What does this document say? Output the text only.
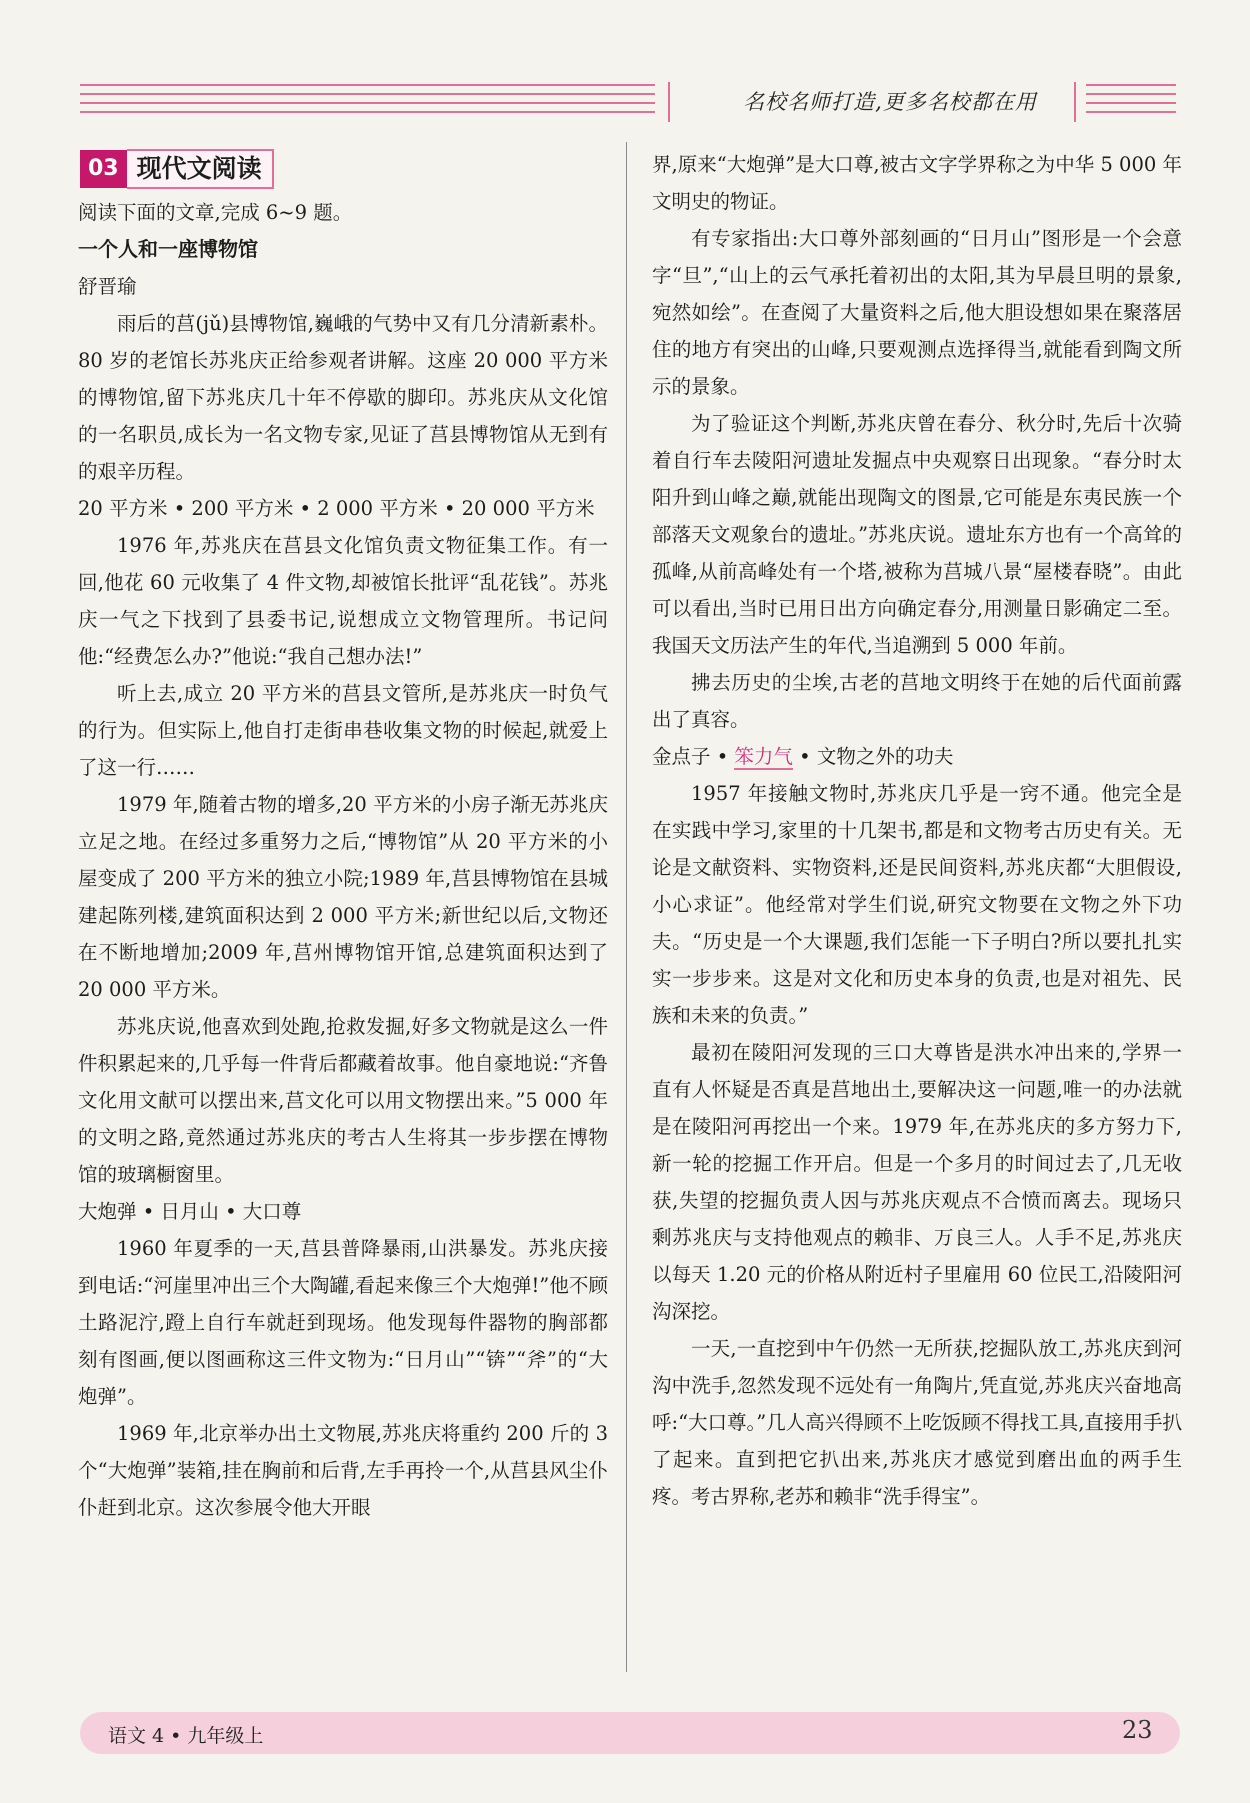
名校名师打造,更多名校都在用
03 现代文阅读

阅读下面的文章,完成 6~9 题。

一个人和一座博物馆

舒晋瑜

雨后的莒(jǔ)县博物馆,巍峨的气势中又有几分清新素朴。80 岁的老馆长苏兆庆正给参观者讲解。这座 20 000 平方米的博物馆,留下苏兆庆几十年不停歇的脚印。苏兆庆从文化馆的一名职员,成长为一名文物专家,见证了莒县博物馆从无到有的艰辛历程。

20 平方米 • 200 平方米 • 2 000 平方米 • 20 000 平方米

1976 年,苏兆庆在莒县文化馆负责文物征集工作。有一回,他花 60 元收集了 4 件文物,却被馆长批评“乱花钱”。苏兆庆一气之下找到了县委书记,说想成立文物管理所。书记问他:“经费怎么办?”他说:“我自己想办法!”

听上去,成立 20 平方米的莒县文管所,是苏兆庆一时负气的行为。但实际上,他自打走街串巷收集文物的时候起,就爱上了这一行……

1979 年,随着古物的增多,20 平方米的小房子渐无苏兆庆立足之地。在经过多重努力之后,“博物馆”从 20 平方米的小屋变成了 200 平方米的独立小院;1989 年,莒县博物馆在县城建起陈列楼,建筑面积达到 2 000 平方米;新世纪以后,文物还在不断地增加;2009 年,莒州博物馆开馆,总建筑面积达到了 20 000 平方米。

苏兆庆说,他喜欢到处跑,抢救发掘,好多文物就是这么一件件积累起来的,几乎每一件背后都藏着故事。他自豪地说:“齐鲁文化用文献可以摆出来,莒文化可以用文物摆出来。”5 000 年的文明之路,竟然通过苏兆庆的考古人生将其一步步摆在博物馆的玻璃橱窗里。

大炮弹 • 日月山 • 大口尊

1960 年夏季的一天,莒县普降暴雨,山洪暴发。苏兆庆接到电话:“河崖里冲出三个大陶罐,看起来像三个大炮弹!”他不顾土路泥泞,蹬上自行车就赶到现场。他发现每件器物的胸部都刻有图画,便以图画称这三件文物为:“日月山”“锛”“斧”的“大炮弹”。

1969 年,北京举办出土文物展,苏兆庆将重约 200 斤的 3 个“大炮弹”装箱,挂在胸前和后背,左手再拎一个,从莒县风尘仆仆赶到北京。这次参展令他大开眼

界,原来“大炮弹”是大口尊,被古文字学界称之为中华 5 000 年文明史的物证。

有专家指出:大口尊外部刻画的“日月山”图形是一个会意字“旦”,“山上的云气承托着初出的太阳,其为早晨旦明的景象,宛然如绘”。在查阅了大量资料之后,他大胆设想如果在聚落居住的地方有突出的山峰,只要观测点选择得当,就能看到陶文所示的景象。

为了验证这个判断,苏兆庆曾在春分、秋分时,先后十次骑着自行车去陵阳河遗址发掘点中央观察日出现象。“春分时太阳升到山峰之巅,就能出现陶文的图景,它可能是东夷民族一个部落天文观象台的遗址。”苏兆庆说。遗址东方也有一个高耸的孤峰,从前高峰处有一个塔,被称为莒城八景“屋楼春晓”。由此可以看出,当时已用日出方向确定春分,用测量日影确定二至。我国天文历法产生的年代,当追溯到 5 000 年前。

拂去历史的尘埃,古老的莒地文明终于在她的后代面前露出了真容。

金点子 • 笨力气 • 文物之外的功夫

1957 年接触文物时,苏兆庆几乎是一窍不通。他完全是在实践中学习,家里的十几架书,都是和文物考古历史有关。无论是文献资料、实物资料,还是民间资料,苏兆庆都“大胆假设,小心求证”。他经常对学生们说,研究文物要在文物之外下功夫。“历史是一个大课题,我们怎能一下子明白?所以要扎扎实实一步步来。这是对文化和历史本身的负责,也是对祖先、民族和未来的负责。”

最初在陵阳河发现的三口大尊皆是洪水冲出来的,学界一直有人怀疑是否真是莒地出土,要解决这一问题,唯一的办法就是在陵阳河再挖出一个来。1979 年,在苏兆庆的多方努力下,新一轮的挖掘工作开启。但是一个多月的时间过去了,几无收获,失望的挖掘负责人因与苏兆庆观点不合愤而离去。现场只剩苏兆庆与支持他观点的赖非、万良三人。人手不足,苏兆庆以每天 1.20 元的价格从附近村子里雇用 60 位民工,沿陵阳河沟深挖。

一天,一直挖到中午仍然一无所获,挖掘队放工,苏兆庆到河沟中洗手,忽然发现不远处有一角陶片,凭直觉,苏兆庆兴奋地高呼:“大口尊。”几人高兴得顾不上吃饭顾不得找工具,直接用手扒了起来。直到把它扒出来,苏兆庆才感觉到磨出血的两手生疼。考古界称,老苏和赖非“洗手得宝”。

语文 4 • 九年级上	23
